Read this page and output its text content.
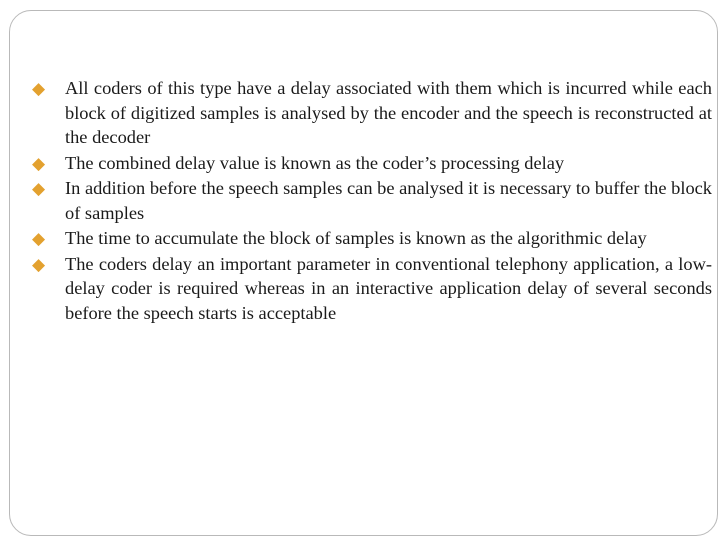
◆ All coders of this type have a delay associated with them which is incurred while each block of digitized samples is analysed by the encoder and the speech is reconstructed at the decoder
◆ The combined delay value is known as the coder’s processing delay
◆ In addition before the speech samples can be analysed it is necessary to buffer the block of samples
◆ The time to accumulate the block of samples is known as the algorithmic delay
◆ The coders delay an important parameter in conventional telephony application, a low-delay coder is required whereas in an interactive application delay of several seconds before the speech starts is acceptable
